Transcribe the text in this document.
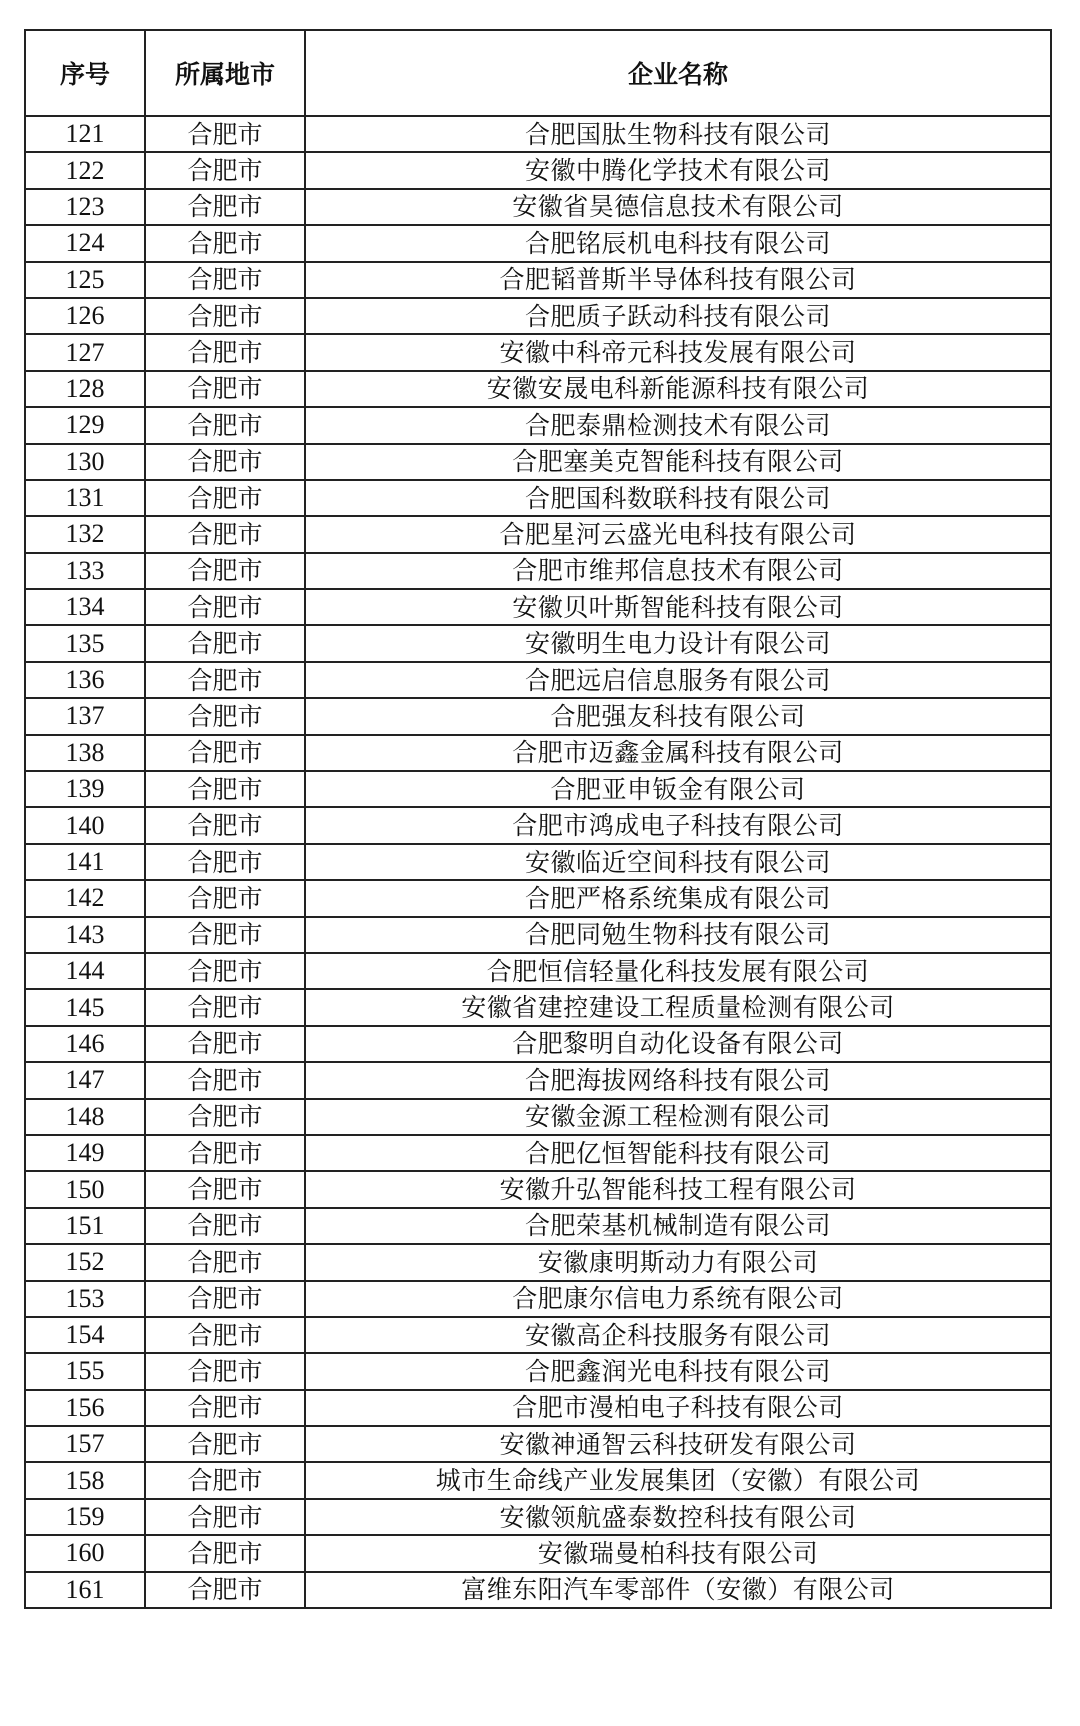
序号	所属地市	企业名称
121	合肥市	合肥国肽生物科技有限公司
122	合肥市	安徽中腾化学技术有限公司
123	合肥市	安徽省昊德信息技术有限公司
124	合肥市	合肥铭辰机电科技有限公司
125	合肥市	合肥韬普斯半导体科技有限公司
126	合肥市	合肥质子跃动科技有限公司
127	合肥市	安徽中科帝元科技发展有限公司
128	合肥市	安徽安晟电科新能源科技有限公司
129	合肥市	合肥泰鼎检测技术有限公司
130	合肥市	合肥塞美克智能科技有限公司
131	合肥市	合肥国科数联科技有限公司
132	合肥市	合肥星河云盛光电科技有限公司
133	合肥市	合肥市维邦信息技术有限公司
134	合肥市	安徽贝叶斯智能科技有限公司
135	合肥市	安徽明生电力设计有限公司
136	合肥市	合肥远启信息服务有限公司
137	合肥市	合肥强友科技有限公司
138	合肥市	合肥市迈鑫金属科技有限公司
139	合肥市	合肥亚申钣金有限公司
140	合肥市	合肥市鸿成电子科技有限公司
141	合肥市	安徽临近空间科技有限公司
142	合肥市	合肥严格系统集成有限公司
143	合肥市	合肥同勉生物科技有限公司
144	合肥市	合肥恒信轻量化科技发展有限公司
145	合肥市	安徽省建控建设工程质量检测有限公司
146	合肥市	合肥黎明自动化设备有限公司
147	合肥市	合肥海拔网络科技有限公司
148	合肥市	安徽金源工程检测有限公司
149	合肥市	合肥亿恒智能科技有限公司
150	合肥市	安徽升弘智能科技工程有限公司
151	合肥市	合肥荣基机械制造有限公司
152	合肥市	安徽康明斯动力有限公司
153	合肥市	合肥康尔信电力系统有限公司
154	合肥市	安徽高企科技服务有限公司
155	合肥市	合肥鑫润光电科技有限公司
156	合肥市	合肥市漫柏电子科技有限公司
157	合肥市	安徽神通智云科技研发有限公司
158	合肥市	城市生命线产业发展集团（安徽）有限公司
159	合肥市	安徽领航盛泰数控科技有限公司
160	合肥市	安徽瑞曼柏科技有限公司
161	合肥市	富维东阳汽车零部件（安徽）有限公司
